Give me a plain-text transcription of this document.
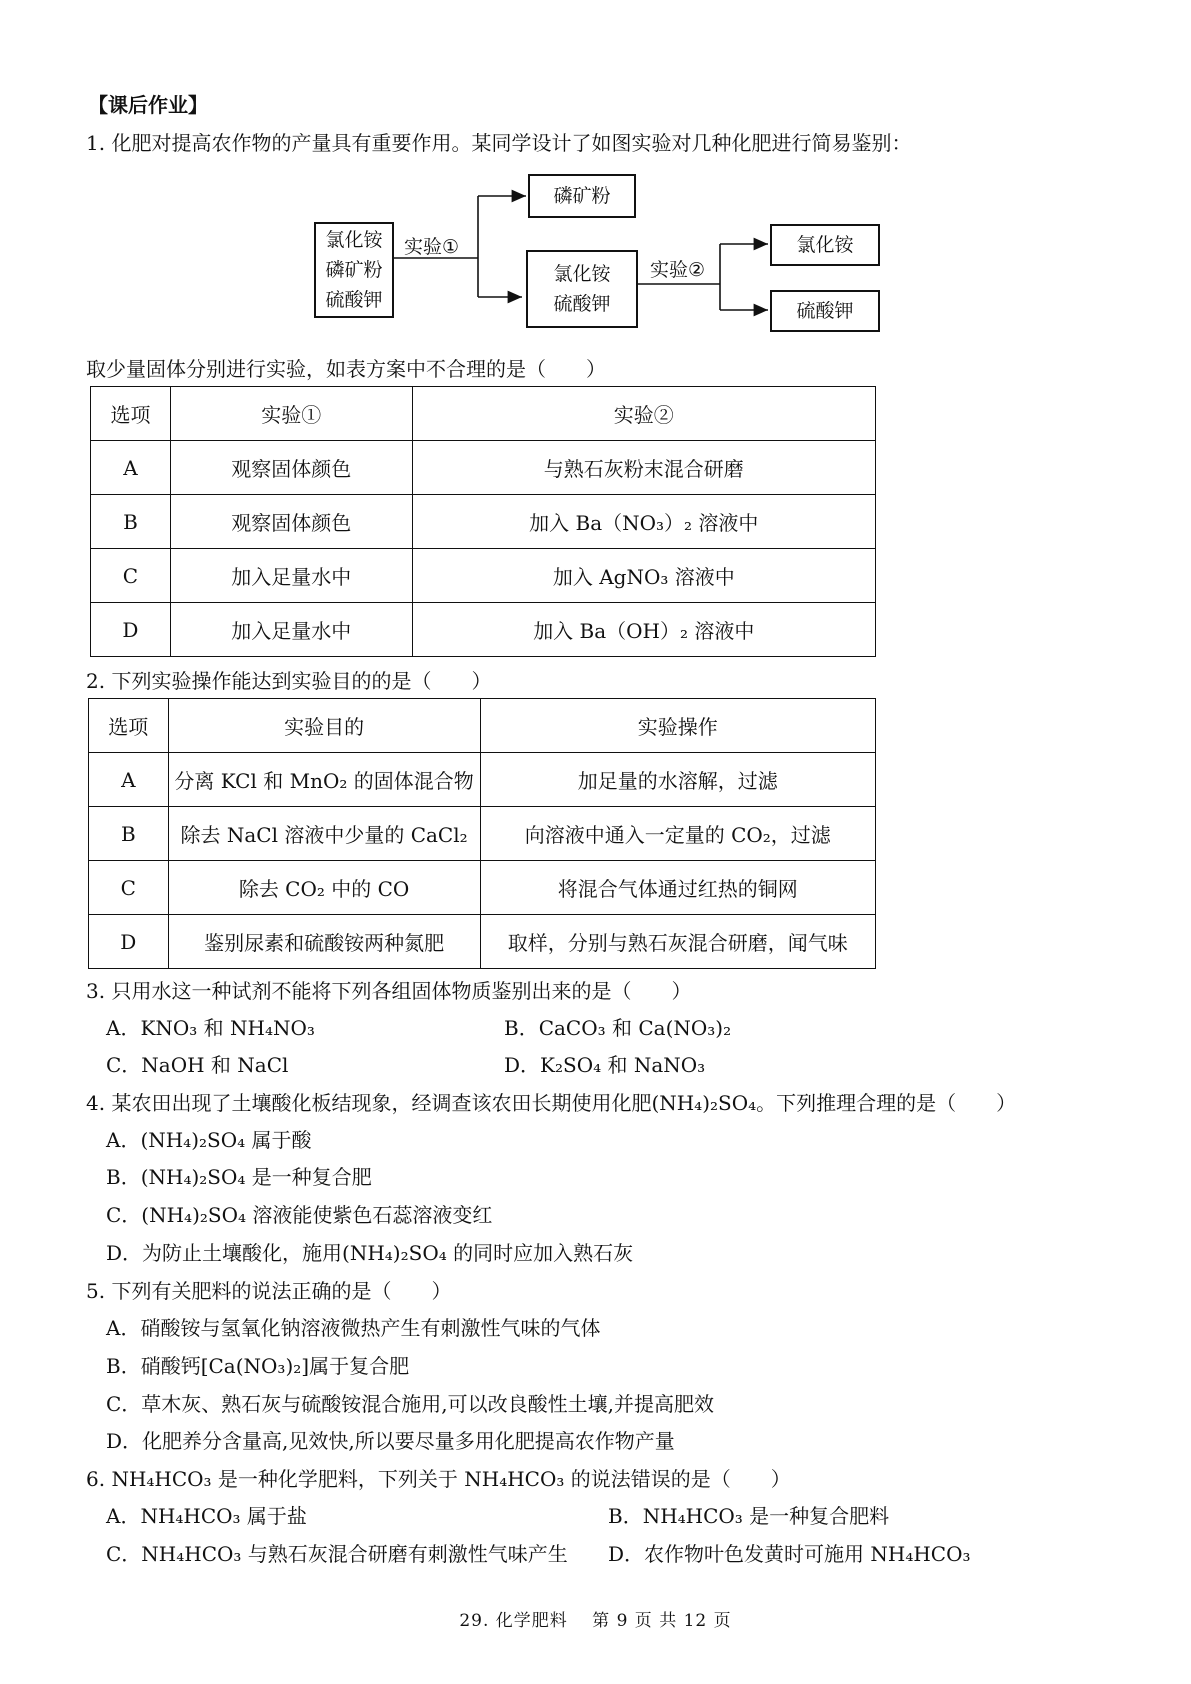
【课后作业】
1. 化肥对提高农作物的产量具有重要作用。某同学设计了如图实验对几种化肥进行简易鉴别：
氯化铵
磷矿粉
硫酸钾
实验①
磷矿粉
氯化铵
硫酸钾
实验②
氯化铵
硫酸钾
取少量固体分别进行实验，如表方案中不合理的是（　　）
选项	实验①	实验②
A	观察固体颜色	与熟石灰粉末混合研磨
B	观察固体颜色	加入 Ba（NO₃）₂ 溶液中
C	加入足量水中	加入 AgNO₃ 溶液中
D	加入足量水中	加入 Ba（OH）₂ 溶液中
2. 下列实验操作能达到实验目的的是（　　）
选项	实验目的	实验操作
A	分离 KCl 和 MnO₂ 的固体混合物	加足量的水溶解，过滤
B	除去 NaCl 溶液中少量的 CaCl₂	向溶液中通入一定量的 CO₂，过滤
C	除去 CO₂ 中的 CO	将混合气体通过红热的铜网
D	鉴别尿素和硫酸铵两种氮肥	取样，分别与熟石灰混合研磨，闻气味
3. 只用水这一种试剂不能将下列各组固体物质鉴别出来的是（　　）
A．KNO₃ 和 NH₄NO₃	B．CaCO₃ 和 Ca(NO₃)₂
C．NaOH 和 NaCl	D．K₂SO₄ 和 NaNO₃
4. 某农田出现了土壤酸化板结现象，经调查该农田长期使用化肥(NH₄)₂SO₄。下列推理合理的是（　　）
A．(NH₄)₂SO₄ 属于酸
B．(NH₄)₂SO₄ 是一种复合肥
C．(NH₄)₂SO₄ 溶液能使紫色石蕊溶液变红
D．为防止土壤酸化，施用(NH₄)₂SO₄ 的同时应加入熟石灰
5. 下列有关肥料的说法正确的是（　　）
A．硝酸铵与氢氧化钠溶液微热产生有刺激性气味的气体
B．硝酸钙[Ca(NO₃)₂]属于复合肥
C．草木灰、熟石灰与硫酸铵混合施用,可以改良酸性土壤,并提高肥效
D．化肥养分含量高,见效快,所以要尽量多用化肥提高农作物产量
6. NH₄HCO₃ 是一种化学肥料，下列关于 NH₄HCO₃ 的说法错误的是（　　）
A．NH₄HCO₃ 属于盐	B．NH₄HCO₃ 是一种复合肥料
C．NH₄HCO₃ 与熟石灰混合研磨有刺激性气味产生 D．农作物叶色发黄时可施用 NH₄HCO₃
29. 化学肥料　 第 9 页 共 12 页
